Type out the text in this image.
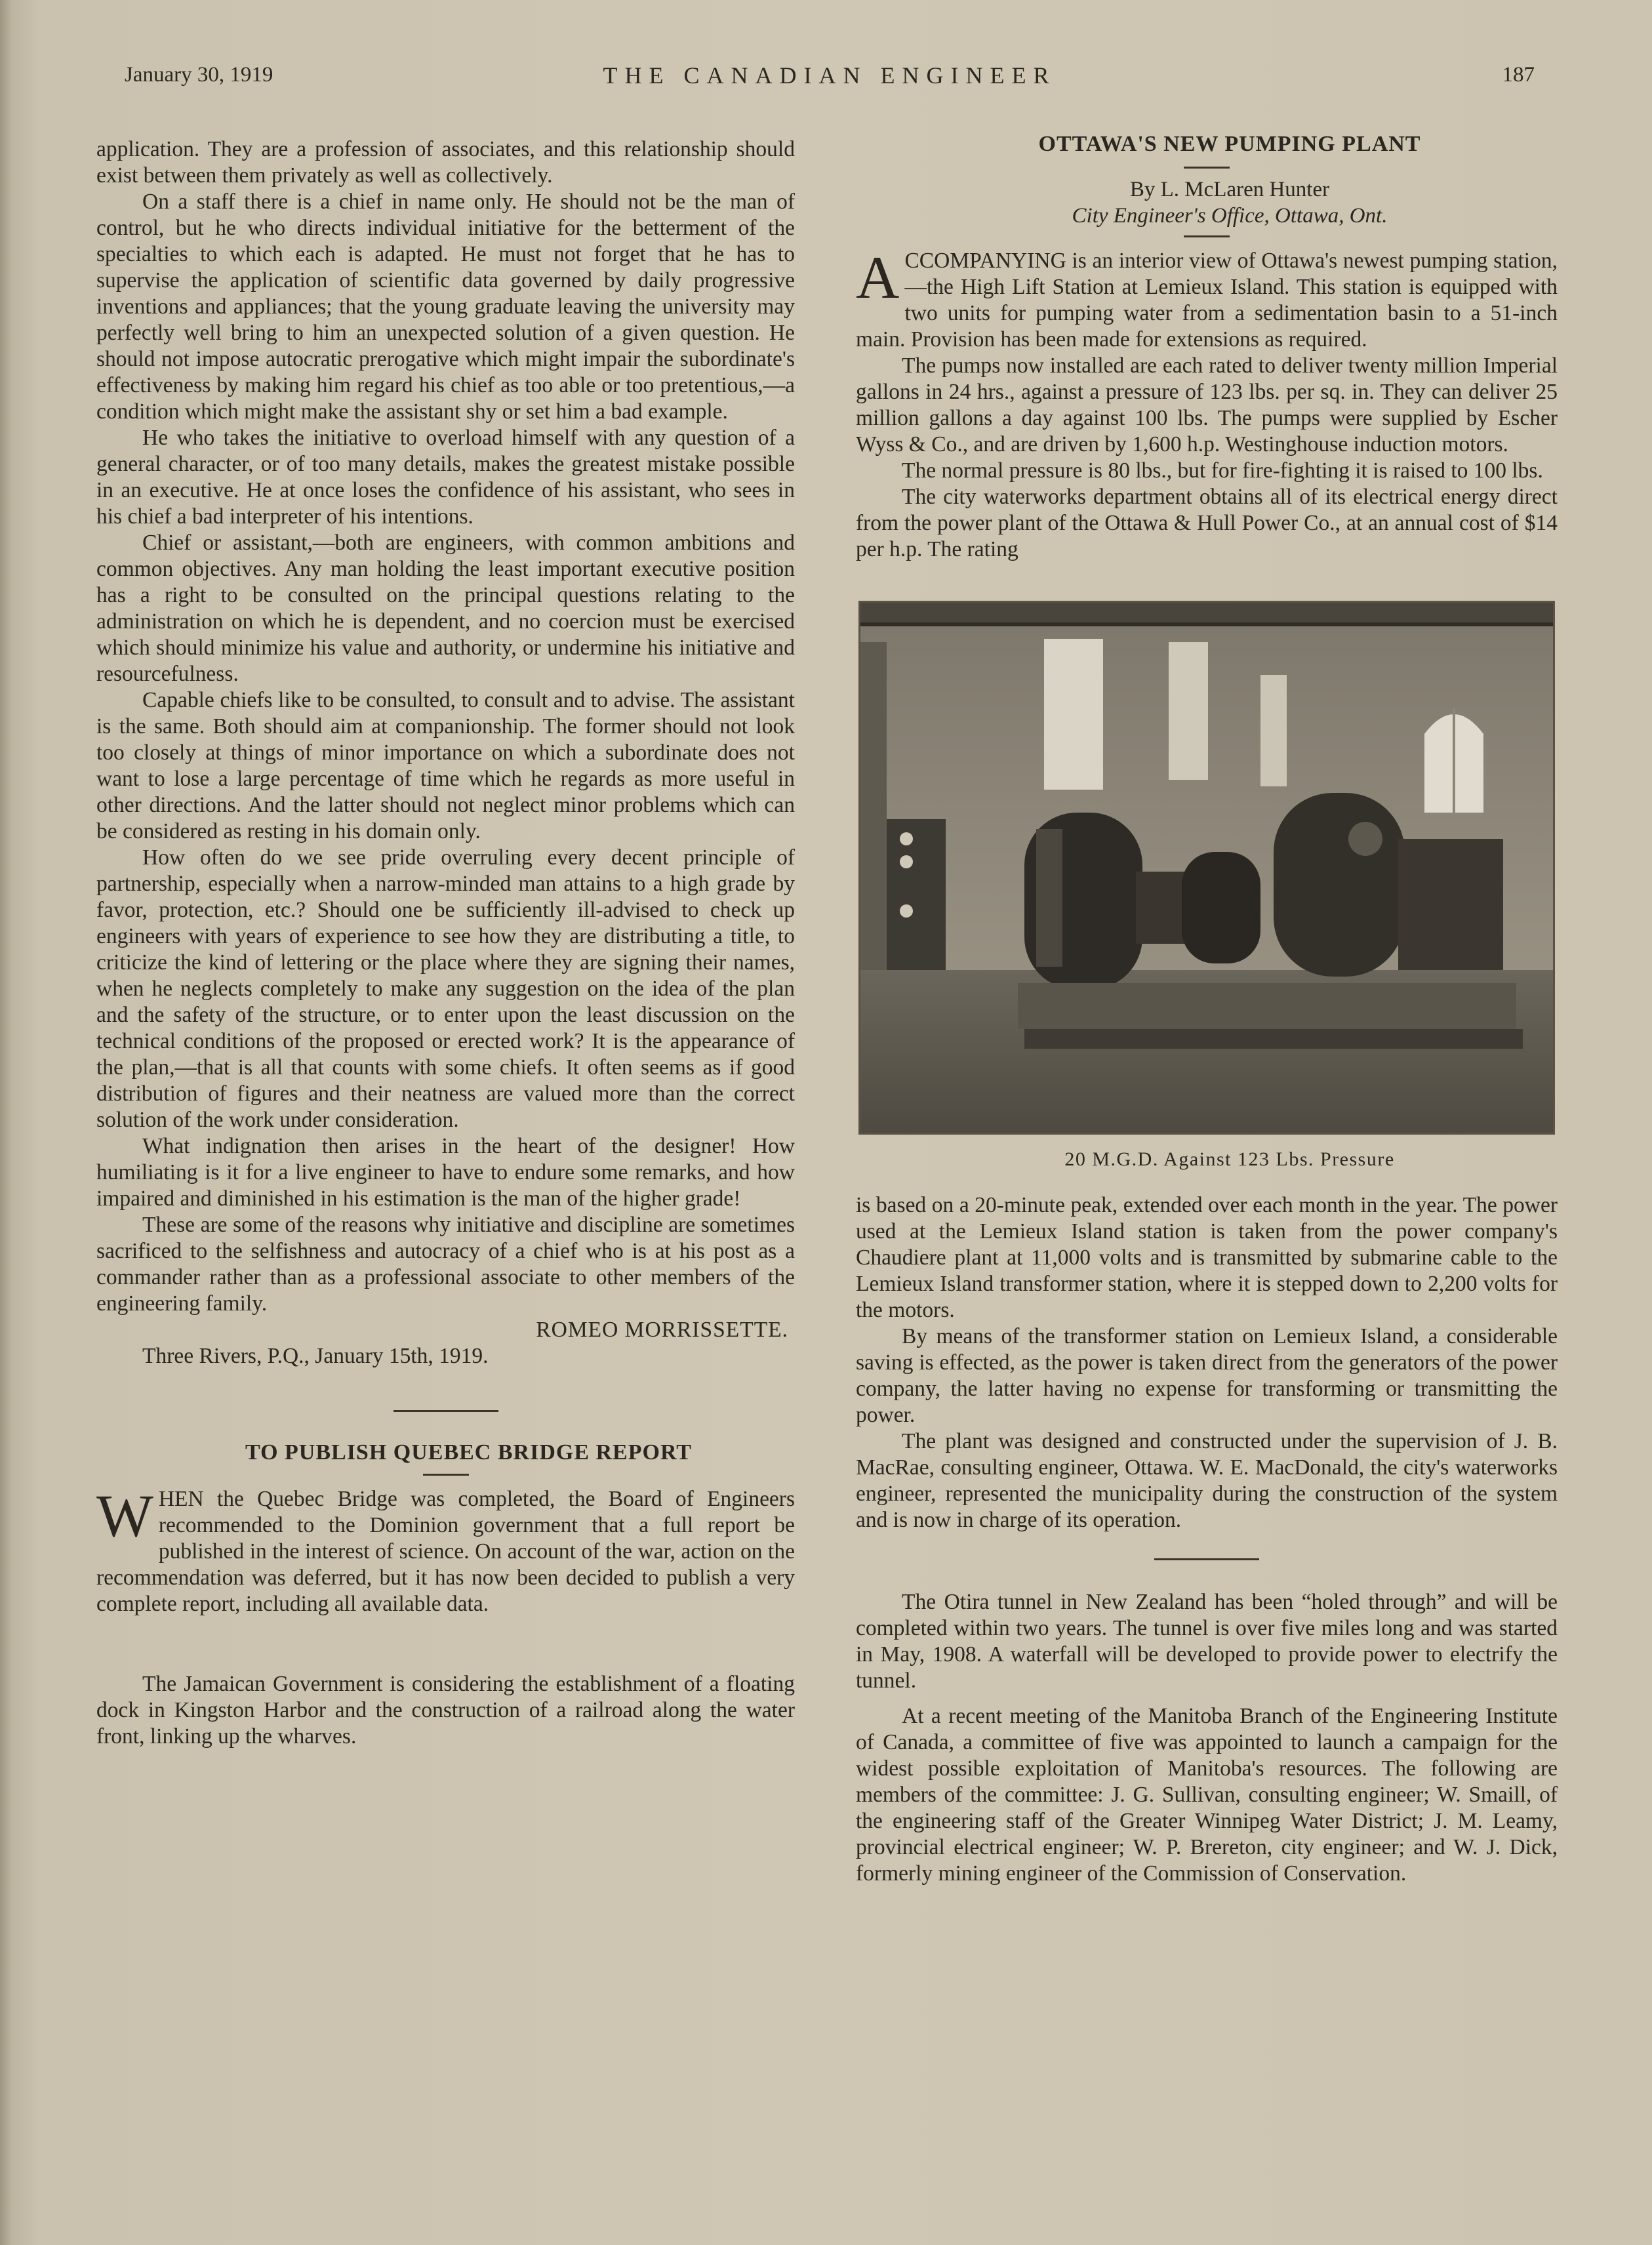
January 30, 1919	THE CANADIAN ENGINEER	187

application. They are a profession of associates, and this relationship should exist between them privately as well as collectively.

On a staff there is a chief in name only. He should not be the man of control, but he who directs individual initiative for the betterment of the specialties to which each is adapted. He must not forget that he has to supervise the application of scientific data governed by daily progressive inventions and appliances; that the young graduate leaving the university may perfectly well bring to him an unexpected solution of a given question. He should not impose autocratic prerogative which might impair the subordinate's effectiveness by making him regard his chief as too able or too pretentious,—a condition which might make the assistant shy or set him a bad example.

He who takes the initiative to overload himself with any question of a general character, or of too many details, makes the greatest mistake possible in an executive. He at once loses the confidence of his assistant, who sees in his chief a bad interpreter of his intentions.

Chief or assistant,—both are engineers, with common ambitions and common objectives. Any man holding the least important executive position has a right to be consulted on the principal questions relating to the administration on which he is dependent, and no coercion must be exercised which should minimize his value and authority, or undermine his initiative and resourcefulness.

Capable chiefs like to be consulted, to consult and to advise. The assistant is the same. Both should aim at companionship. The former should not look too closely at things of minor importance on which a subordinate does not want to lose a large percentage of time which he regards as more useful in other directions. And the latter should not neglect minor problems which can be considered as resting in his domain only.

How often do we see pride overruling every decent principle of partnership, especially when a narrow-minded man attains to a high grade by favor, protection, etc.? Should one be sufficiently ill-advised to check up engineers with years of experience to see how they are distributing a title, to criticize the kind of lettering or the place where they are signing their names, when he neglects completely to make any suggestion on the idea of the plan and the safety of the structure, or to enter upon the least discussion on the technical conditions of the proposed or erected work? It is the appearance of the plan,—that is all that counts with some chiefs. It often seems as if good distribution of figures and their neatness are valued more than the correct solution of the work under consideration.

What indignation then arises in the heart of the designer! How humiliating is it for a live engineer to have to endure some remarks, and how impaired and diminished in his estimation is the man of the higher grade!

These are some of the reasons why initiative and discipline are sometimes sacrificed to the selfishness and autocracy of a chief who is at his post as a commander rather than as a professional associate to other members of the engineering family.

ROMEO MORRISSETTE.

Three Rivers, P.Q., January 15th, 1919.

TO PUBLISH QUEBEC BRIDGE REPORT

WHEN the Quebec Bridge was completed, the Board of Engineers recommended to the Dominion government that a full report be published in the interest of science. On account of the war, action on the recommendation was deferred, but it has now been decided to publish a very complete report, including all available data.

The Jamaican Government is considering the establishment of a floating dock in Kingston Harbor and the construction of a railroad along the water front, linking up the wharves.

OTTAWA'S NEW PUMPING PLANT

By L. McLaren Hunter

City Engineer's Office, Ottawa, Ont.

ACCOMPANYING is an interior view of Ottawa's newest pumping station,—the High Lift Station at Lemieux Island. This station is equipped with two units for pumping water from a sedimentation basin to a 51-inch main. Provision has been made for extensions as required.

The pumps now installed are each rated to deliver twenty million Imperial gallons in 24 hrs., against a pressure of 123 lbs. per sq. in. They can deliver 25 million gallons a day against 100 lbs. The pumps were supplied by Escher Wyss & Co., and are driven by 1,600 h.p. Westinghouse induction motors.

The normal pressure is 80 lbs., but for fire-fighting it is raised to 100 lbs.

The city waterworks department obtains all of its electrical energy direct from the power plant of the Ottawa & Hull Power Co., at an annual cost of $14 per h.p. The rating

20 M.G.D. Against 123 Lbs. Pressure

is based on a 20-minute peak, extended over each month in the year. The power used at the Lemieux Island station is taken from the power company's Chaudiere plant at 11,000 volts and is transmitted by submarine cable to the Lemieux Island transformer station, where it is stepped down to 2,200 volts for the motors.

By means of the transformer station on Lemieux Island, a considerable saving is effected, as the power is taken direct from the generators of the power company, the latter having no expense for transforming or transmitting the power.

The plant was designed and constructed under the supervision of J. B. MacRae, consulting engineer, Ottawa. W. E. MacDonald, the city's waterworks engineer, represented the municipality during the construction of the system and is now in charge of its operation.

The Otira tunnel in New Zealand has been “holed through” and will be completed within two years. The tunnel is over five miles long and was started in May, 1908. A waterfall will be developed to provide power to electrify the tunnel.

At a recent meeting of the Manitoba Branch of the Engineering Institute of Canada, a committee of five was appointed to launch a campaign for the widest possible exploitation of Manitoba's resources. The following are members of the committee: J. G. Sullivan, consulting engineer; W. Smaill, of the engineering staff of the Greater Winnipeg Water District; J. M. Leamy, provincial electrical engineer; W. P. Brereton, city engineer; and W. J. Dick, formerly mining engineer of the Commission of Conservation.
